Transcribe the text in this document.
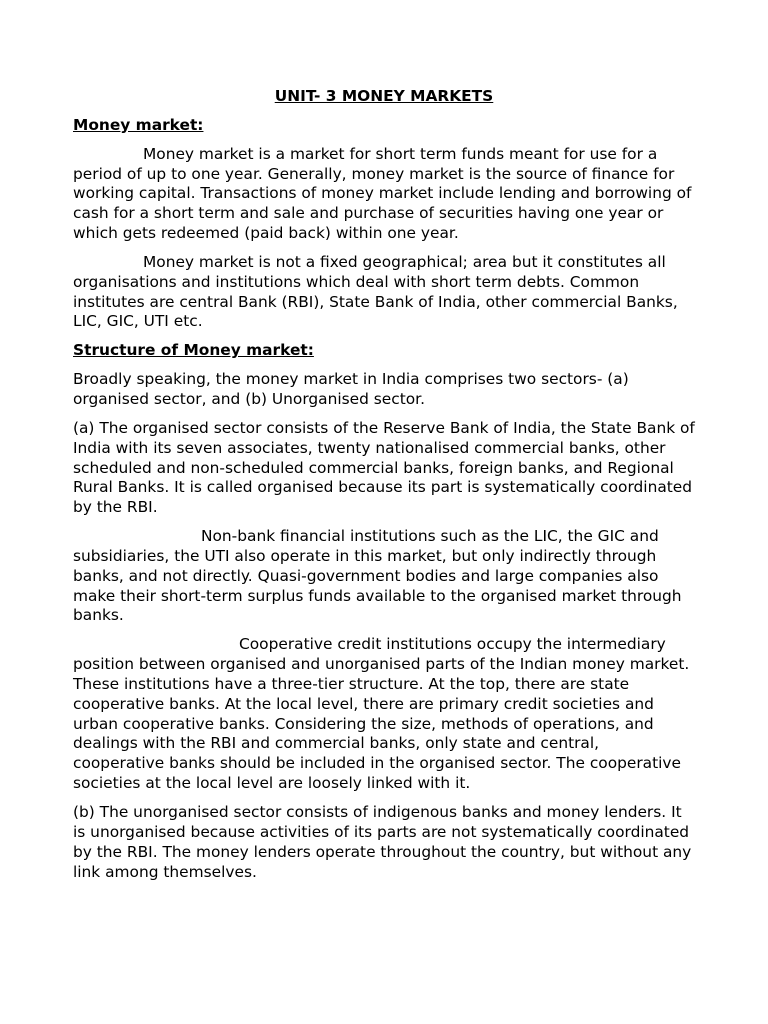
UNIT- 3 MONEY MARKETS
Money market:

Money market is a market for short term funds meant for use for a period of up to one year. Generally, money market is the source of finance for working capital. Transactions of money market include lending and borrowing of cash for a short term and sale and purchase of securities having one year or which gets redeemed (paid back) within one year.

Money market is not a fixed geographical; area but it constitutes all organisations and institutions which deal with short term debts. Common institutes are central Bank (RBI), State Bank of India, other commercial Banks, LIC, GIC, UTI etc.

Structure of Money market:

Broadly speaking, the money market in India comprises two sectors- (a) organised sector, and (b) Unorganised sector.

(a) The organised sector consists of the Reserve Bank of India, the State Bank of India with its seven associates, twenty nationalised commercial banks, other scheduled and non-scheduled commercial banks, foreign banks, and Regional Rural Banks. It is called organised because its part is systematically coordinated by the RBI.

Non-bank financial institutions such as the LIC, the GIC and subsidiaries, the UTI also operate in this market, but only indirectly through banks, and not directly. Quasi-government bodies and large companies also make their short-term surplus funds available to the organised market through banks.

Cooperative credit institutions occupy the intermediary position between organised and unorganised parts of the Indian money market. These institutions have a three-tier structure. At the top, there are state cooperative banks. At the local level, there are primary credit societies and urban cooperative banks. Considering the size, methods of operations, and dealings with the RBI and commercial banks, only state and central, cooperative banks should be included in the organised sector. The cooperative societies at the local level are loosely linked with it.

(b) The unorganised sector consists of indigenous banks and money lenders. It is unorganised because activities of its parts are not systematically coordinated by the RBI. The money lenders operate throughout the country, but without any link among themselves.
